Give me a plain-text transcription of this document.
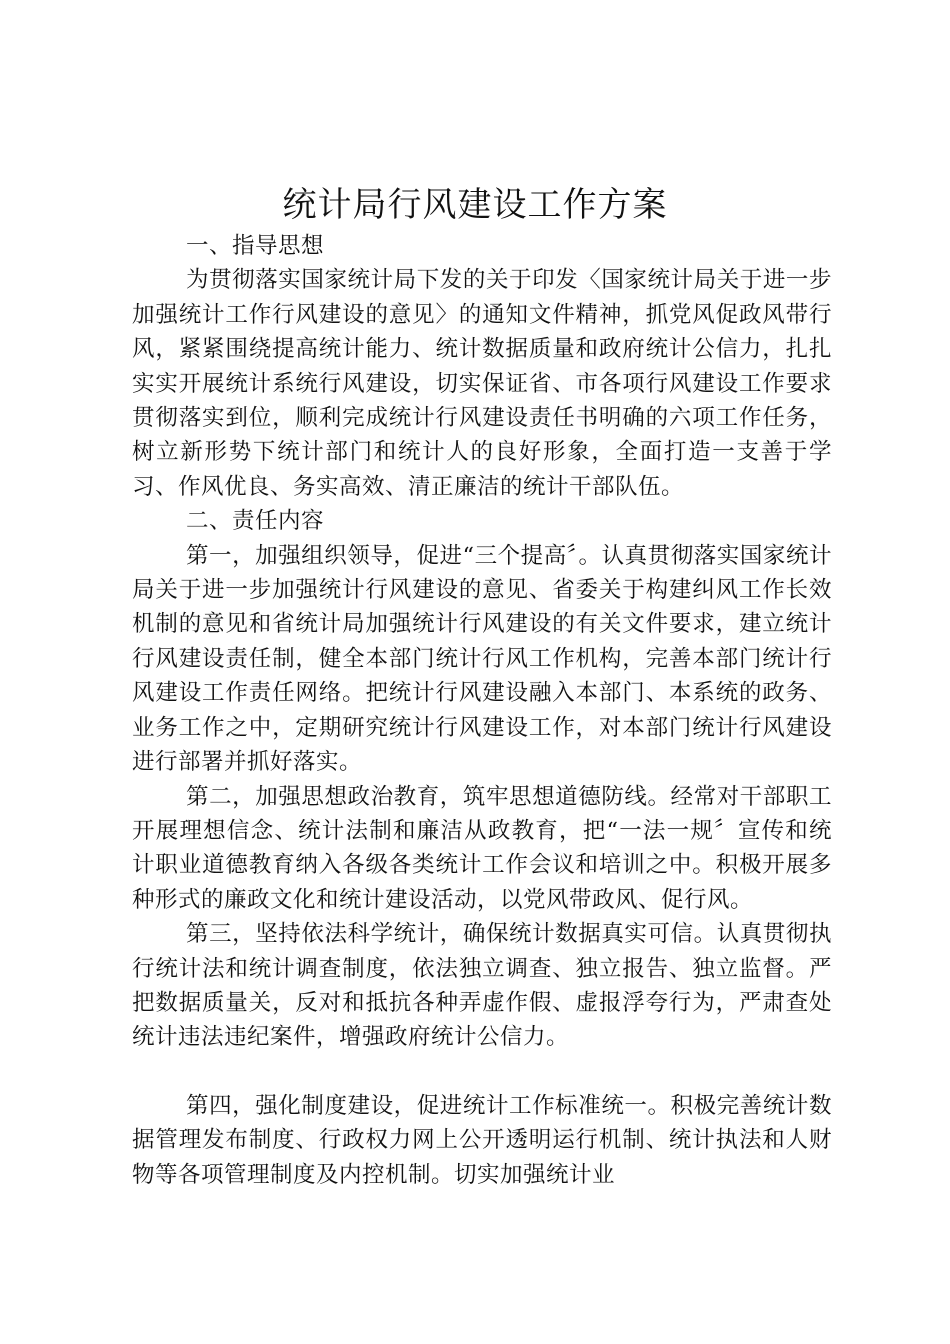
统计局行风建设工作方案

一、指导思想

为贯彻落实国家统计局下发的关于印发〈国家统计局关于进一步加强统计工作行风建设的意见〉的通知文件精神，抓党风促政风带行风，紧紧围绕提高统计能力、统计数据质量和政府统计公信力，扎扎实实开展统计系统行风建设，切实保证省、市各项行风建设工作要求贯彻落实到位，顺利完成统计行风建设责任书明确的六项工作任务，树立新形势下统计部门和统计人的良好形象，全面打造一支善于学习、作风优良、务实高效、清正廉洁的统计干部队伍。

二、责任内容

第一，加强组织领导，促进“三个提高〞。认真贯彻落实国家统计局关于进一步加强统计行风建设的意见、省委关于构建纠风工作长效机制的意见和省统计局加强统计行风建设的有关文件要求，建立统计行风建设责任制，健全本部门统计行风工作机构，完善本部门统计行风建设工作责任网络。把统计行风建设融入本部门、本系统的政务、业务工作之中，定期研究统计行风建设工作，对本部门统计行风建设进行部署并抓好落实。

第二，加强思想政治教育，筑牢思想道德防线。经常对干部职工开展理想信念、统计法制和廉洁从政教育，把“一法一规〞宣传和统计职业道德教育纳入各级各类统计工作会议和培训之中。积极开展多种形式的廉政文化和统计建设活动，以党风带政风、促行风。

第三，坚持依法科学统计，确保统计数据真实可信。认真贯彻执行统计法和统计调查制度，依法独立调查、独立报告、独立监督。严把数据质量关，反对和抵抗各种弄虚作假、虚报浮夸行为，严肃查处统计违法违纪案件，增强政府统计公信力。

第四，强化制度建设，促进统计工作标准统一。积极完善统计数据管理发布制度、行政权力网上公开透明运行机制、统计执法和人财物等各项管理制度及内控机制。切实加强统计业
